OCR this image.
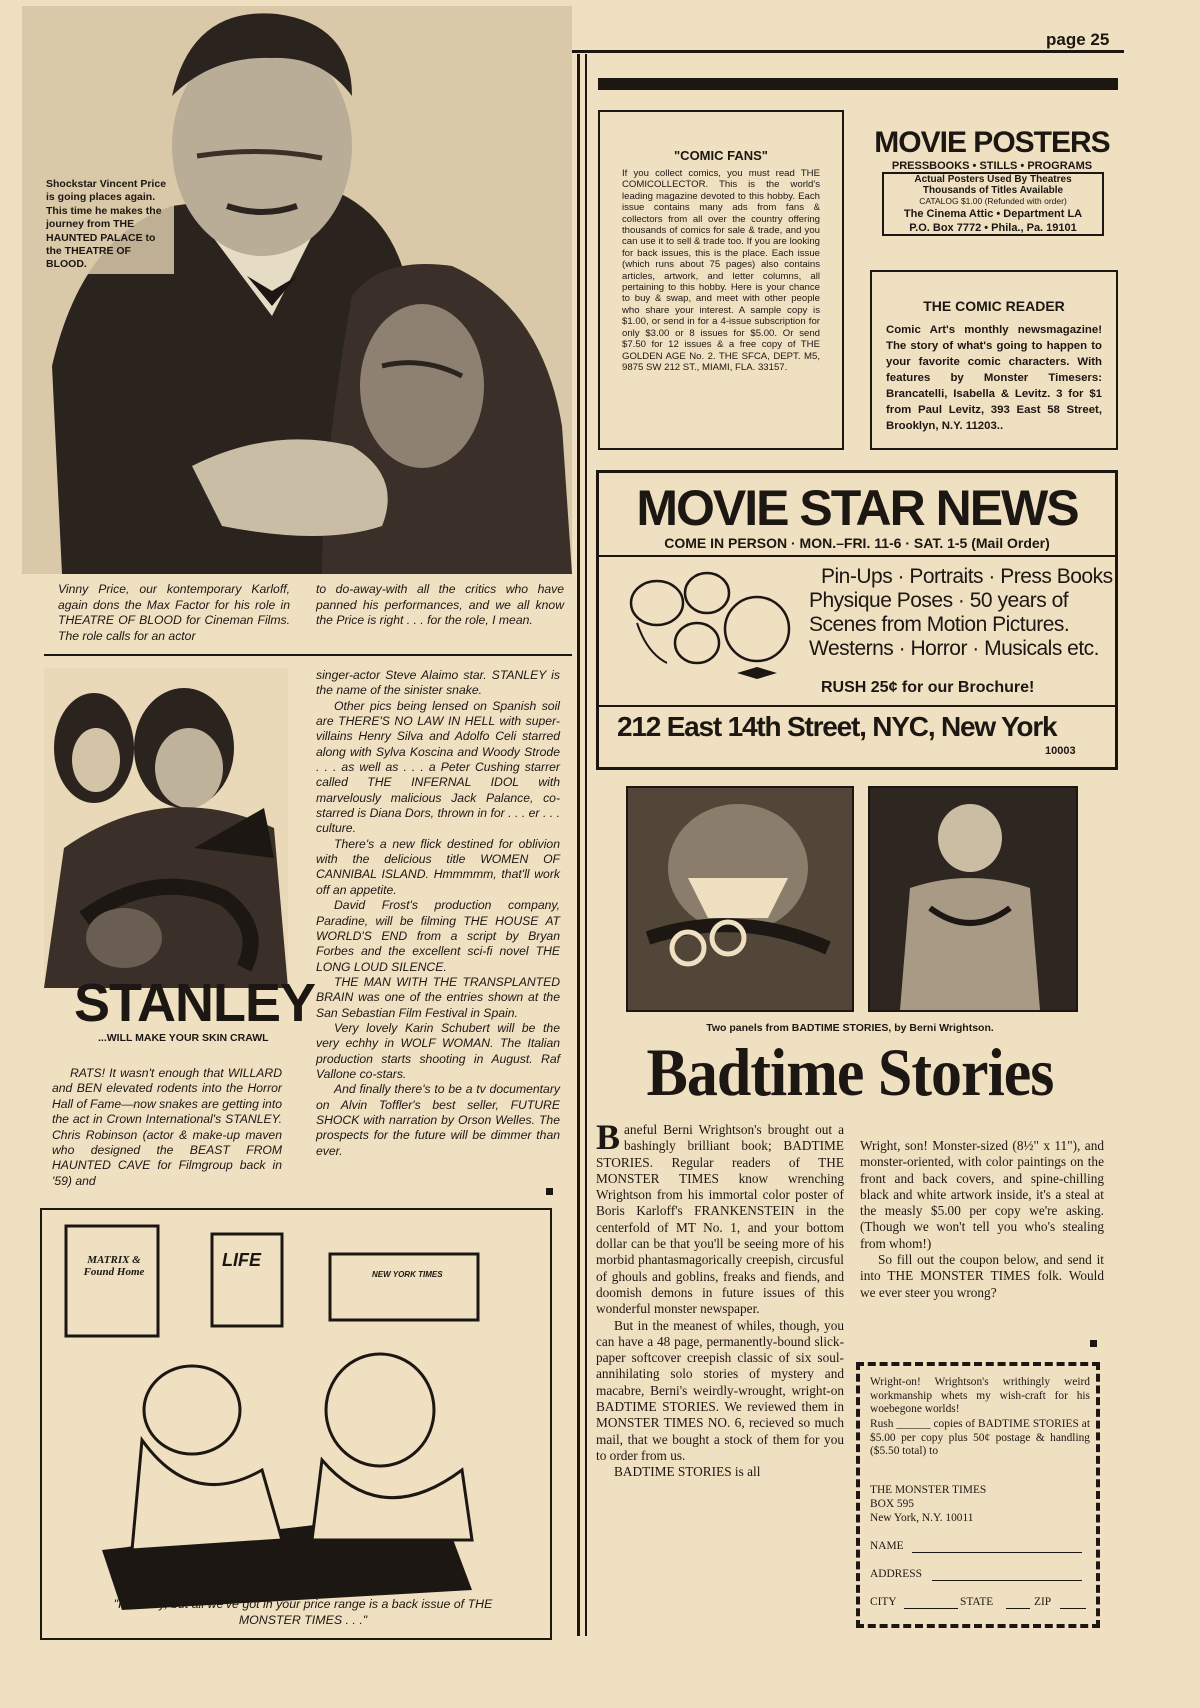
page 25
Shockstar Vincent Price is going places again. This time he makes the journey from THE HAUNTED PALACE to the THEATRE OF BLOOD.
Vinny Price, our kontemporary Karloff, again dons the Max Factor for his role in THEATRE OF BLOOD for Cineman Films. The role calls for an actor
to do-away-with all the critics who have panned his performances, and we all know the Price is right . . . for the role, I mean.
STANLEY
...WILL MAKE YOUR SKIN CRAWL
RATS! It wasn't enough that WILLARD and BEN elevated rodents into the Horror Hall of Fame—now snakes are getting into the act in Crown International's STANLEY. Chris Robinson (actor & make-up maven who designed the BEAST FROM HAUNTED CAVE for Filmgroup back in '59) and

singer-actor Steve Alaimo star. STANLEY is the name of the sinister snake.

Other pics being lensed on Spanish soil are THERE'S NO LAW IN HELL with super-villains Henry Silva and Adolfo Celi starred along with Sylva Koscina and Woody Strode . . . as well as . . . a Peter Cushing starrer called THE INFERNAL IDOL with marvelously malicious Jack Palance, co-starred is Diana Dors, thrown in for . . . er . . . culture.

There's a new flick destined for oblivion with the delicious title WOMEN OF CANNIBAL ISLAND. Hmmmmm, that'll work off an appetite.

David Frost's production company, Paradine, will be filming THE HOUSE AT WORLD'S END from a script by Bryan Forbes and the excellent sci-fi novel THE LONG LOUD SILENCE.

THE MAN WITH THE TRANSPLANTED BRAIN was one of the entries shown at the San Sebastian Film Festival in Spain.

Very lovely Karin Schubert will be the very echhy in WOLF WOMAN. The Italian production starts shooting in August. Raf Vallone co-stars.

And finally there's to be a tv documentary on Alvin Toffler's best seller, FUTURE SHOCK with narration by Orson Welles. The prospects for the future will be dimmer than ever.

MATRIX & Found Home
LIFE
NEW YORK TIMES
Tom Armstrong
"I'm sorry, but all we've got in your price range is a back issue of THE MONSTER TIMES . . ."
"COMIC FANS"
If you collect comics, you must read THE COMICOLLECTOR. This is the world's leading magazine devoted to this hobby. Each issue contains many ads from fans & collectors from all over the country offering thousands of comics for sale & trade, and you can use it to sell & trade too. If you are looking for back issues, this is the place. Each issue (which runs about 75 pages) also contains articles, artwork, and letter columns, all pertaining to this hobby. Here is your chance to buy & swap, and meet with other people who share your interest. A sample copy is $1.00, or send in for a 4-issue subscription for only $3.00 or 8 issues for $5.00. Or send $7.50 for 12 issues & a free copy of THE GOLDEN AGE No. 2. THE SFCA, DEPT. M5, 9875 SW 212 ST., MIAMI, FLA. 33157.
MOVIE POSTERS
PRESSBOOKS • STILLS • PROGRAMS
Actual Posters Used By Theatres
Thousands of Titles Available
CATALOG $1.00 (Refunded with order)
The Cinema Attic • Department LA
P.O. Box 7772 • Phila., Pa. 19101
THE COMIC READER
Comic Art's monthly newsmagazine! The story of what's going to happen to your favorite comic characters. With features by Monster Timesers: Brancatelli, Isabella & Levitz. 3 for $1 from Paul Levitz, 393 East 58 Street, Brooklyn, N.Y. 11203..
MOVIE STAR NEWS
COME IN PERSON · MON.–FRI. 11-6 · SAT. 1-5 (Mail Order)
Pin-Ups · Portraits · Press Books
Physique Poses · 50 years of
Scenes from Motion Pictures.
Westerns · Horror · Musicals etc.
RUSH 25¢ for our Brochure!
212 East 14th Street, NYC, New York
10003
Two panels from BADTIME STORIES, by Berni Wrightson.
Badtime Stories

Baneful Berni Wrightson's brought out a bashingly brilliant book; BADTIME STORIES. Regular readers of THE MONSTER TIMES know wrenching Wrightson from his immortal color poster of Boris Karloff's FRANKENSTEIN in the centerfold of MT No. 1, and your bottom dollar can be that you'll be seeing more of his morbid phantasmagorically creepish, circusful of ghouls and goblins, freaks and fiends, and doomish demons in future issues of this wonderful monster newspaper.

But in the meanest of whiles, though, you can have a 48 page, permanently-bound slick-paper softcover creepish classic of six soul-annihilating solo stories of mystery and macabre, Berni's weirdly-wrought, wright-on BADTIME STORIES. We reviewed them in MONSTER TIMES NO. 6, recieved so much mail, that we bought a stock of them for you to order from us.

BADTIME STORIES is all

Wright, son! Monster-sized (8½" x 11"), and monster-oriented, with color paintings on the front and back covers, and spine-chilling black and white artwork inside, it's a steal at the measly $5.00 per copy we're asking. (Though we won't tell you who's stealing from whom!)

So fill out the coupon below, and send it into THE MONSTER TIMES folk. Would we ever steer you wrong?

Wright-on! Wrightson's writhingly weird workmanship whets my wish-craft for his woebegone worlds!
Rush ______ copies of BADTIME STORIES at $5.00 per copy plus 50¢ postage & handling ($5.50 total) to
THE MONSTER TIMES
BOX 595
New York, N.Y. 10011
NAME
ADDRESS
CITY	STATE	ZIP
